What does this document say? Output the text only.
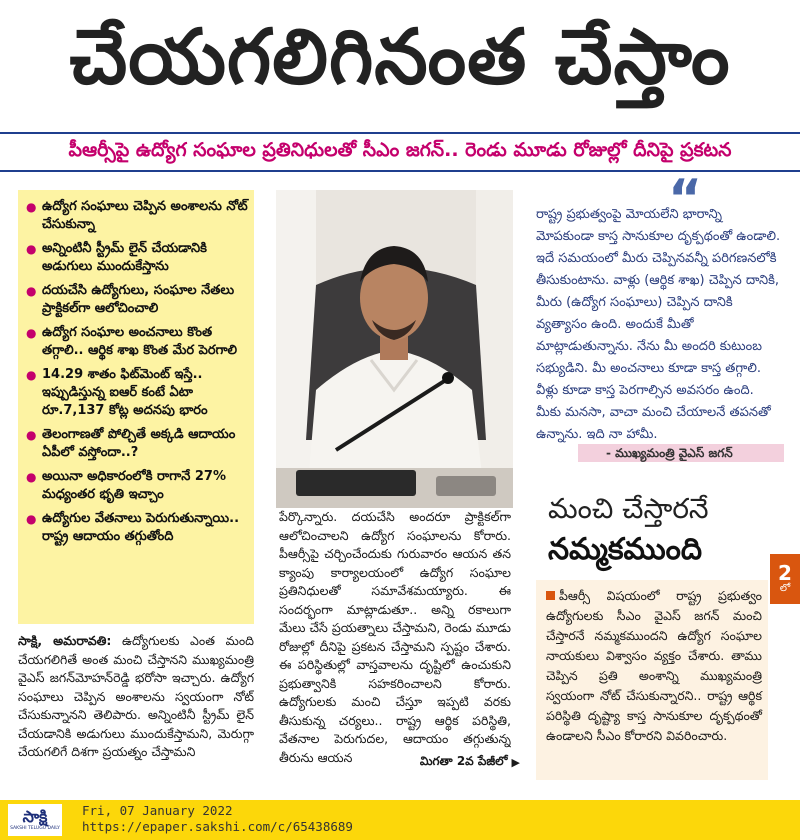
చేయగలిగినంత చేస్తాం
పీఆర్సీపై ఉద్యోగ సంఘాల ప్రతినిధులతో సీఎం జగన్.. రెండు మూడు రోజుల్లో దీనిపై ప్రకటన
● ఉద్యోగ సంఘాలు చెప్పిన అంశాలను నోట్ చేసుకున్నా
● అన్నింటినీ స్ట్రీమ్ లైన్ చేయడానికి అడుగులు ముందుకేస్తాను
● దయచేసి ఉద్యోగులు, సంఘాల నేతలు ప్రాక్టికల్‌గా ఆలోచించాలి
● ఉద్యోగ సంఘాల అంచనాలు కొంత తగ్గాలి.. ఆర్థిక శాఖ కొంత మేర పెరగాలి
● 14.29 శాతం ఫిట్‌మెంట్ ఇస్తే.. ఇప్పుడిస్తున్న ఐఆర్ కంటే ఏటా రూ.7,137 కోట్ల అదనపు భారం
● తెలంగాణతో పోల్చితే అక్కడి ఆదాయం ఏపీలో వస్తోందా..?
● అయినా అధికారంలోకి రాగానే 27% మధ్యంతర భృతి ఇచ్చాం
● ఉద్యోగుల వేతనాలు పెరుగుతున్నాయి.. రాష్ట్ర ఆదాయం తగ్గుతోంది
సాక్షి, అమరావతి: ఉద్యోగులకు ఎంత మంది చేయగలిగితే అంత మంచి చేస్తానని ముఖ్యమంత్రి వైఎస్ జగన్‌మోహన్‌రెడ్డి భరోసా ఇచ్చారు. ఉద్యోగ సంఘాలు చెప్పిన అంశాలను స్వయంగా నోట్ చేసుకున్నానని తెలిపారు. అన్నింటినీ స్ట్రీమ్ లైన్ చేయడానికి అడుగులు ముందుకేస్తామని, మెరుగ్గా చేయగలిగే దిశగా ప్రయత్నం చేస్తామని
పేర్కొన్నారు. దయచేసి అందరూ ప్రాక్టికల్‌గా ఆలోచించాలని ఉద్యోగ సంఘాలను కోరారు. పీఆర్సీపై చర్చించేందుకు గురువారం ఆయన తన క్యాంపు కార్యాలయంలో ఉద్యోగ సంఘాల ప్రతినిధులతో సమావేశమయ్యారు. ఈ సందర్భంగా మాట్లాడుతూ.. అన్ని రకాలుగా మేలు చేసే ప్రయత్నాలు చేస్తామని, రెండు మూడు రోజుల్లో దీనిపై ప్రకటన చేస్తామని స్పష్టం చేశారు. ఈ పరిస్థితుల్లో వాస్తవాలను దృష్టిలో ఉంచుకుని ప్రభుత్వానికి సహకరించాలని కోరారు. ఉద్యోగులకు మంచి చేస్తూ ఇప్పటి వరకు తీసుకున్న చర్యలు.. రాష్ట్ర ఆర్థిక పరిస్థితి, వేతనాల పెరుగుదల, ఆదాయం తగ్గుతున్న తీరును ఆయన	మిగతా 2వ పేజీలో ▶
“
రాష్ట్ర ప్రభుత్వంపై మోయలేని భారాన్ని మోపకుండా కాస్త సానుకూల దృక్పథంతో ఉండాలి. ఇదే సమయంలో మీరు చెప్పినవన్నీ పరిగణనలోకి తీసుకుంటాను. వాళ్లు (ఆర్థిక శాఖ) చెప్పిన దానికి, మీరు (ఉద్యోగ సంఘాలు) చెప్పిన దానికి వ్యత్యాసం ఉంది. అందుకే మీతో మాట్లాడుతున్నాను. నేను మీ అందరి కుటుంబ సభ్యుడిని. మీ అంచనాలు కూడా కాస్త తగ్గాలి. వీళ్లు కూడా కాస్త పెరగాల్సిన అవసరం ఉంది. మీకు మనసా, వాచా మంచి చేయాలనే తపనతో ఉన్నాను. ఇది నా హామీ.
- ముఖ్యమంత్రి వైఎస్ జగన్
మంచి చేస్తారనే
నమ్మకముంది
2
లో
పీఆర్సీ విషయంలో రాష్ట్ర ప్రభుత్వం ఉద్యోగులకు సీఎం వైఎస్ జగన్ మంచి చేస్తారనే నమ్మకముందని ఉద్యోగ సంఘాల నాయకులు విశ్వాసం వ్యక్తం చేశారు. తాము చెప్పిన ప్రతి అంశాన్ని ముఖ్యమంత్రి స్వయంగా నోట్ చేసుకున్నారని.. రాష్ట్ర ఆర్థిక పరిస్థితి దృష్ట్యా కాస్త సానుకూల దృక్పథంతో ఉండాలని సీఎం కోరారని వివరించారు.
సాక్షి
SAKSHI TELUGU DAILY
Fri, 07 January 2022
https://epaper.sakshi.com/c/65438689
